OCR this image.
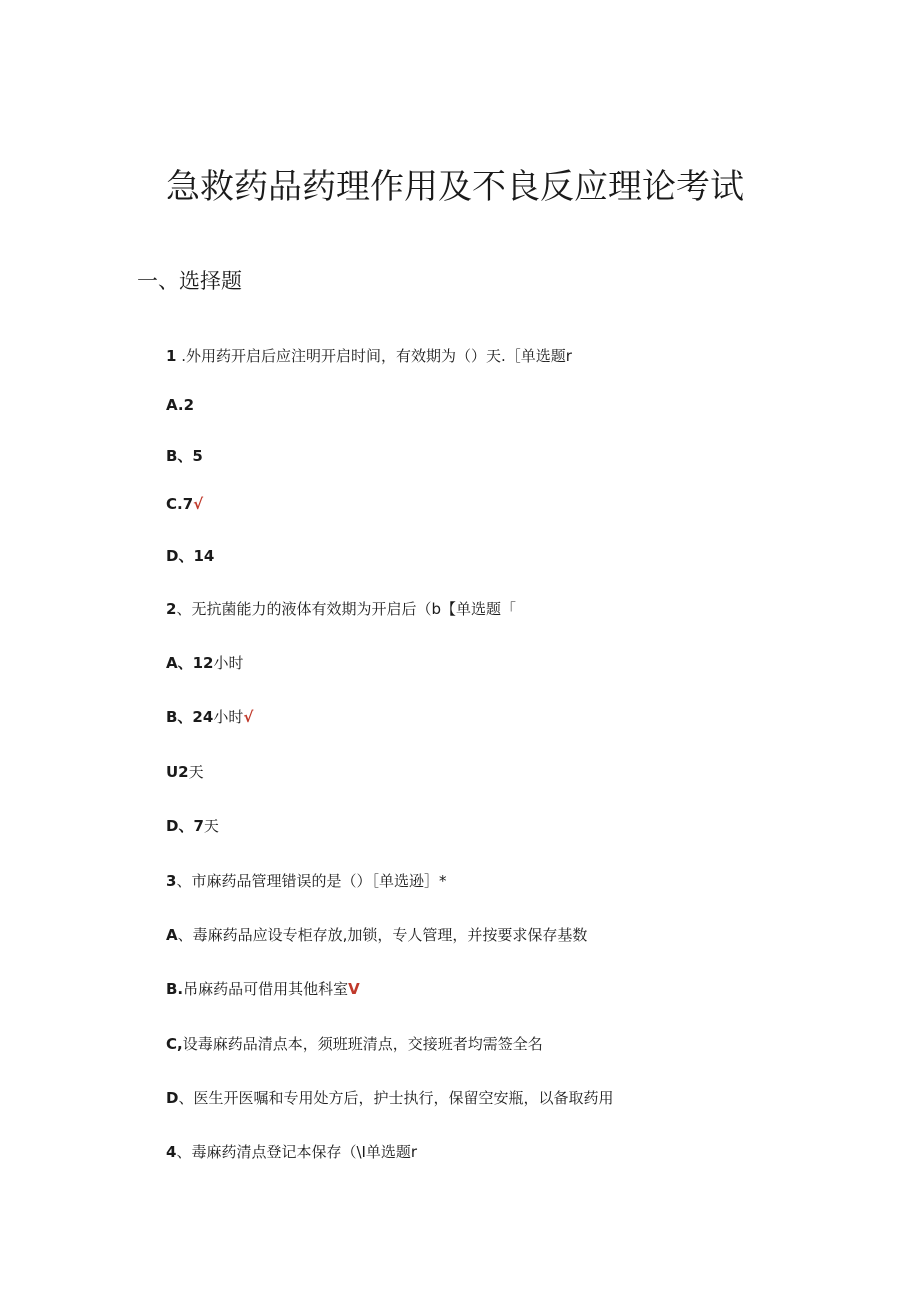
急救药品药理作用及不良反应理论考试
一、选择题
1 .外用药开启后应注明开启时间，有效期为（）天.［单选题r
A.2
B、5
C.7√
D、14
2、无抗菌能力的液体有效期为开启后（b【单选题「
A、12小时
B、24小时√
U2天
D、7天
3、市麻药品管理错误的是（）［单选逊］*
A、毒麻药品应设专柜存放,加锁，专人管理，并按要求保存基数
B.吊麻药品可借用其他科室V
C,设毒麻药品清点本，须班班清点，交接班者均需签全名
D、医生开医嘱和专用处方后，护士执行，保留空安瓶，以备取药用
4、毒麻药清点登记本保存（\I单选题r
